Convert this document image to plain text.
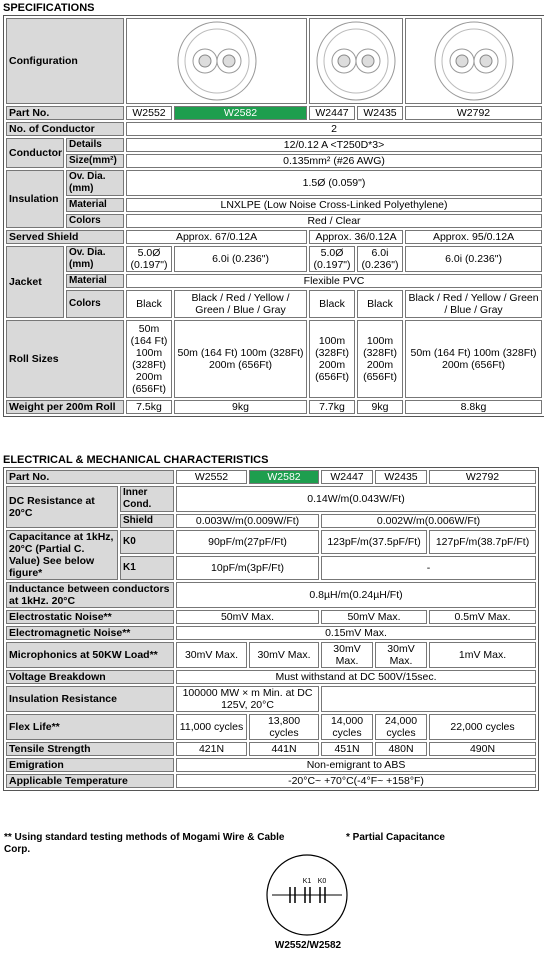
SPECIFICATIONS
Configuration	

Part No.		W2552	W2582	W2447	W2435	W2792
No. of Conductor		2				
Conductor	Details	12/0.12 A <T250D*3>				
	Size(mm²)	0.135mm² (#26 AWG)				
Insulation	Ov. Dia. (mm)	1.5Ø (0.059")				
	Material	LNXLPE (Low Noise Cross-Linked Polyethylene)				
	Colors	Red / Clear				
Served Shield		Approx. 67/0.12A		Approx. 36/0.12A		Approx. 95/0.12A
Jacket	Ov. Dia. (mm)	5.0Ø (0.197")	6.0i (0.236")	5.0Ø (0.197")	6.0i (0.236")	6.0i (0.236")
	Material	Flexible PVC				
	Colors	Black	Black / Red / Yellow / Green / Blue / Gray	Black	Black	Black / Red / Yellow / Green / Blue / Gray
Roll Sizes		50m (164 Ft) 100m (328Ft) 200m (656Ft)	50m (164 Ft) 100m (328Ft) 200m (656Ft)	100m (328Ft) 200m (656Ft)	100m (328Ft) 200m (656Ft)	50m (164 Ft) 100m (328Ft) 200m (656Ft)
Weight per 200m Roll		7.5kg	9kg	7.7kg	9kg	8.8kg
ELECTRICAL & MECHANICAL CHARACTERISTICS
Part No.		W2552	W2582	W2447	W2435	W2792
DC Resistance at 20°C	Inner Cond.	0.14W/m(0.043W/Ft)				
	Shield	0.003W/m(0.009W/Ft)		0.002W/m(0.006W/Ft)		
Capacitance at 1kHz, 20°C (Partial C. Value) See below figure*	K0	90pF/m(27pF/Ft)		123pF/m(37.5pF/Ft)		127pF/m(38.7pF/Ft)
	K1	10pF/m(3pF/Ft)		-		
Inductance between conductors at 1kHz. 20°C		0.8µH/m(0.24µH/Ft)				
Electrostatic Noise**		50mV Max.		50mV Max.		0.5mV Max.
Electromagnetic Noise**		0.15mV Max.				
Microphonics at 50KW Load**		30mV Max.	30mV Max.	30mV Max.	30mV Max.	1mV Max.
Voltage Breakdown		Must withstand at DC 500V/15sec.				
Insulation Resistance		100000 MW × m Min. at DC 125V, 20°C				
Flex Life**		11,000 cycles	13,800 cycles	14,000 cycles	24,000 cycles	22,000 cycles
Tensile Strength		421N	441N	451N	480N	490N
Emigration		Non-emigrant to ABS				
Applicable Temperature		-20°C~ +70°C(-4°F~ +158°F)				
** Using standard testing methods of Mogami Wire & Cable Corp.
* Partial Capacitance
K1 K0
W2552/W2582
